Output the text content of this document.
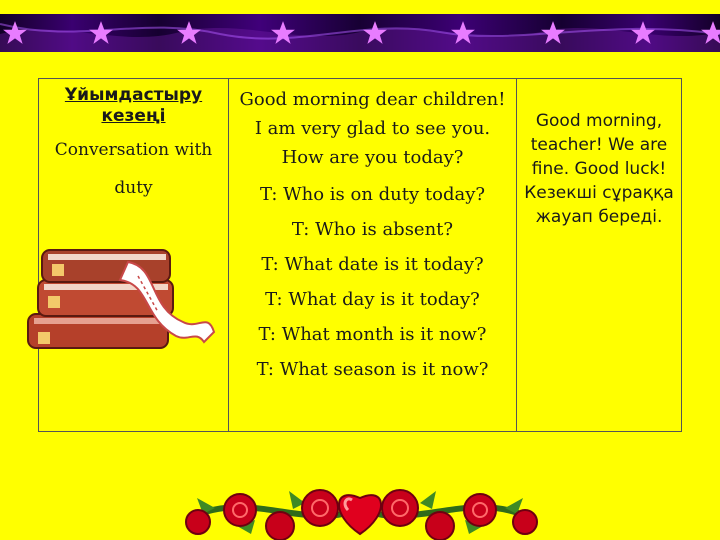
Ұйымдастыру кезеңі
Conversation with duty
Good morning dear children! I am very glad to see you. How are you today?
T: Who is on duty today?
T: Who is absent?
T: What date is it today?
T: What day is it today?
T: What month is it now?
T: What season is it now?
Good morning, teacher! We are fine. Good luck! Кезекші сұраққа жауап береді.
